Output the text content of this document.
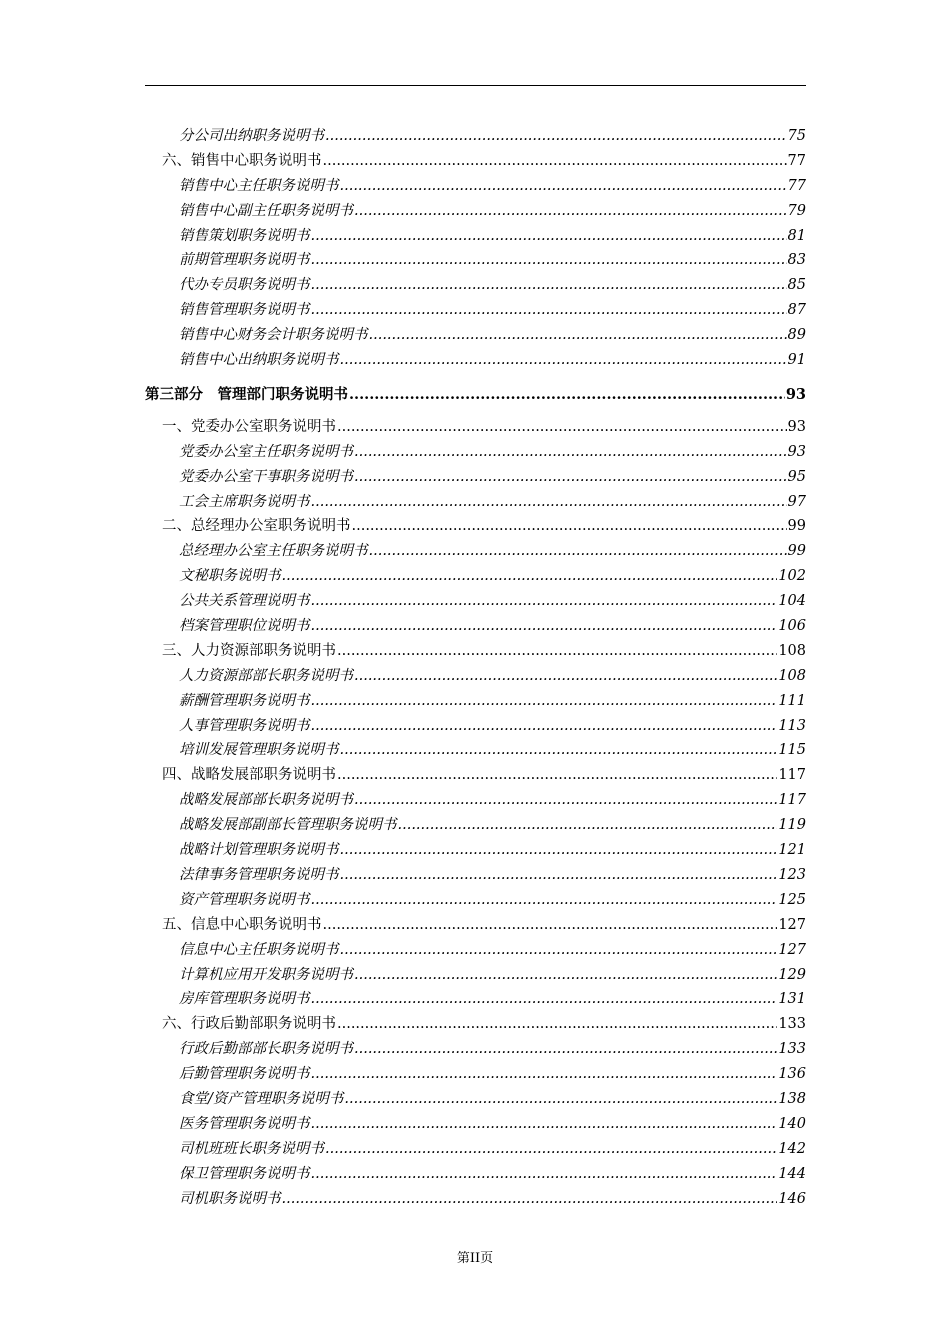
分公司出纳职务说明书 .....	75
六、销售中心职务说明书 .....	77
销售中心主任职务说明书 .....	77
销售中心副主任职务说明书 .....	79
销售策划职务说明书 .....	81
前期管理职务说明书 .....	83
代办专员职务说明书 .....	85
销售管理职务说明书 .....	87
销售中心财务会计职务说明书 .....	89
销售中心出纳职务说明书 .....	91
第三部分　管理部门职务说明书 .....	93
一、党委办公室职务说明书 .....	93
党委办公室主任职务说明书 .....	93
党委办公室干事职务说明书 .....	95
工会主席职务说明书 .....	97
二、总经理办公室职务说明书 .....	99
总经理办公室主任职务说明书 .....	99
文秘职务说明书 .....	102
公共关系管理说明书 .....	104
档案管理职位说明书 .....	106
三、人力资源部职务说明书 .....	108
人力资源部部长职务说明书 .....	108
薪酬管理职务说明书 .....	111
人事管理职务说明书 .....	113
培训发展管理职务说明书 .....	115
四、战略发展部职务说明书 .....	117
战略发展部部长职务说明书 .....	117
战略发展部副部长管理职务说明书 .....	119
战略计划管理职务说明书 .....	121
法律事务管理职务说明书 .....	123
资产管理职务说明书 .....	125
五、信息中心职务说明书 .....	127
信息中心主任职务说明书 .....	127
计算机应用开发职务说明书 .....	129
房库管理职务说明书 .....	131
六、行政后勤部职务说明书 .....	133
行政后勤部部长职务说明书 .....	133
后勤管理职务说明书 .....	136
食堂/资产管理职务说明书 .....	138
医务管理职务说明书 .....	140
司机班班长职务说明书 .....	142
保卫管理职务说明书 .....	144
司机职务说明书 .....	146
第II页
